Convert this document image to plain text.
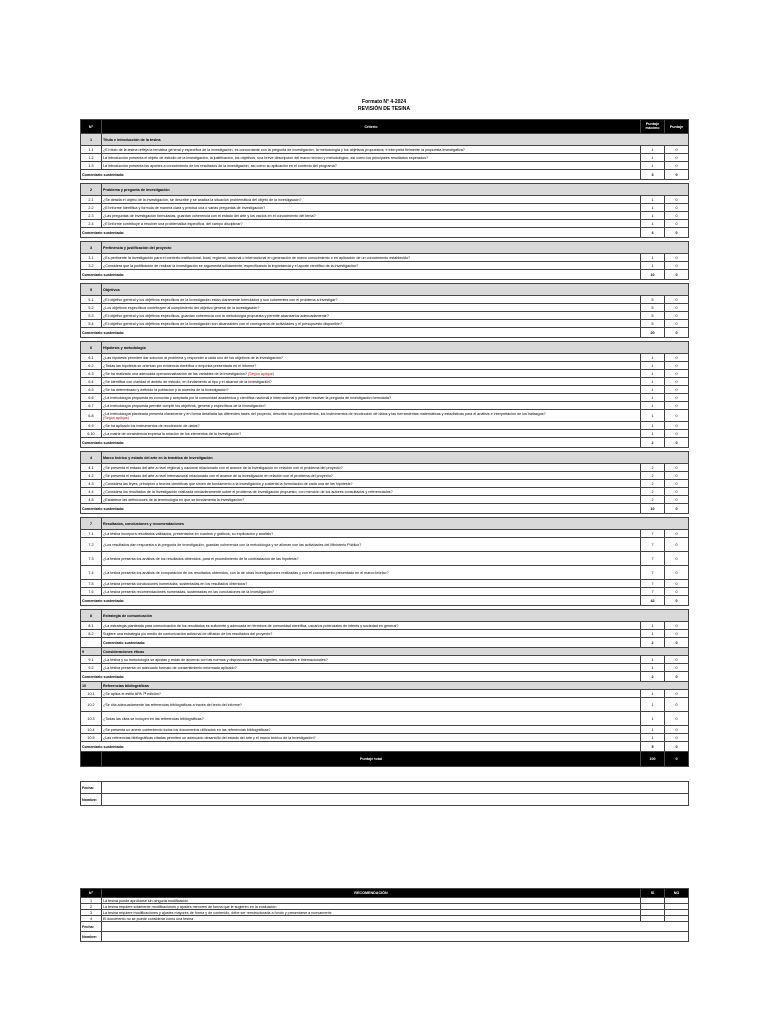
Formato N° 4-2024
REVISIÓN DE TESINA
N°	Criterio	Puntaje máximo	Puntaje
1	Título e introducción de la tesina		
1.1	¿El título de la tesina refleja la temática general y específica de la investigación, es concordante con la pregunta de investigación, la metodología y los objetivos propuestos; e interpreta fielmente la propuesta investigativa?	1	0
1.2	La introducción presenta el objeto de estudio de la investigación, la justificación, los objetivos, una breve descripción del marco teórico y metodológico, así como los principales resultados esperados?	1	0
1.3	La introducción presenta los aportes a conocimiento de los resultados de la investigación, así como su aplicación en el contexto del programa?	1	0
Comentario sustentado:		3	0

2	Problema y pregunta de investigación		
2.1	¿Se detalla el objeto de la investigación, se describe y se analiza la situación problemática del objeto de la investigación?	1	0
2.2	¿El informe identifica y formula de manera clara y precisa una o varias preguntas de investigación?	1	0
2.3	¿Las preguntas de investigación formuladas, guardan coherencia con el estado del arte y los vacíos en el conocimiento del tema?	1	0
2.4	¿El informe contribuye a resolver una problemática específica, del campo disciplinar?	1	0
Comentario sustentado:		4	0

3	Pertinencia y justificación del proyecto		
3.1	¿Es pertinente la investigación para el contexto institucional, local, regional, nacional o internacional en generación de nuevo conocimiento o en aplicación de un conocimiento establecido?	1	0
3.2	¿Considera que la justificación de realizar la investigación se argumenta sólidamente, especificando la importancia y el aporte científico de la investigación?	1	0
Comentario sustentado:		10	0

5	Objetivos		
5.1	¿El objetivo general y los objetivos específicos de la investigación están claramente formulados y son coherentes con el problema a investigar?	5	0
5.2	¿Los objetivos específicos contribuyen al cumplimiento del objetivo general de la investigación?	5	0
5.3	¿El objetivo general y los objetivos específicos, guardan coherencia con la metodología propuesta y permite alcanzarlos adecuadamente?	5	0
5.4	¿El objetivo general y los objetivos específicos de la investigación son alcanzables con el cronograma de actividades y el presupuesto disponible?	5	0
Comentario sustentado:		20	0

6	Hipótesis y metodología		
6.1	¿Las hipótesis permiten dar solución al problema y responder a cada uno de los objetivos de la investigación?	1	0
6.2	¿Todas las hipótesis se orientan por evidencia científica o empírica presentada en el informe?	1	0
6.3	¿Se ha realizado una adecuada operacionalización de las variables de la investigación? (Según aplique)	1	0
6.4	¿Se identifica con claridad el ámbito de estudio, en fundamento al tipo y el alcance de la investigación?	1	0
6.5	¿Se ha determinado y definido la población y la muestra de la investigación?	1	0
6.6	¿La metodología propuesta es conocida y aceptada por la comunidad académica y científica nacional e internacional y permite resolver la pregunta de investigación formulada?	1	0
6.7	¿La metodología propuesta permite cumplir los objetivos, general y específicos de la investigación?	1	0
6.8	¿La metodología planteada presenta claramente y en forma detallada las diferentes fases del proyecto, describe los procedimientos, los instrumentos de recolección de datos y las herramientas matemáticas y estadísticas para el análisis e interpretación de los hallazgos?
(Según aplique)	1	0
6.9	¿Se ha aplicado los instrumentos de recolección de datos?	1	0
6.10	¿La matriz de consistencia expresa la relación de los elementos de la investigación?	1	0
Comentario sustentado:		2	0

4	Marco teórico y estado del arte en la temática de investigación		
4.1	¿Se presenta el estado del arte a nivel regional y nacional relacionado con el avance de la investigación en relación con el problema del proyecto?	2	0
4.2	¿Se presenta el estado del arte a nivel internacional relacionado con el avance de la investigación en relación con el problema del proyecto?	2	0
4.3	¿Considera las leyes, principios o teorías científicas que sirven de fundamento a la investigación y sustenta la formulación de cada una de las hipótesis?	2	0
4.4	¿Considera los resultados de la investigación realizada verdaderamente sobre el problema de investigación propuesto, con mención de los autores consultados y referenciados?	2	0
4.5	¿Establece las definiciones de la terminología en que se fundamenta la investigación?	2	0
Comentario sustentado:		10	0

7	Resultados, conclusiones y recomendaciones		
7.1	¿La tesina incorpora resultados validados, presentados en cuadros y gráficos, su explicación y análisis?	7	0
7.2	¿Los resultados dan respuesta a la pregunta de investigación, guardan coherencia con la metodología y se alinean con las actividades del Ministerio Público?	7	0
7.3	¿La tesina presenta los análisis de los resultados obtenidos, para el procedimiento de la contrastación de las hipótesis?	7	0
7.4	¿La tesina presenta los análisis de comparación de los resultados obtenidos, con la de otras investigaciones realizadas y con el conocimiento presentado en el marco teórico?	7	0
7.5	¿La tesina presenta conclusiones numeradas, sustentadas en los resultados obtenidos?	7	0
7.6	¿La tesina presenta recomendaciones numeradas, sustentadas en las conclusiones de la investigación?	7	0
Comentario sustentado:		42	0

8	Estrategia de comunicación		
8.1	¿La estrategia planteada para comunicación de los resultados es suficiente y adecuada en términos de comunidad científica, usuarios potenciales de interés y sociedad en general?	1	0
8.2	Sugiere una estrategia y/o medio de comunicación adicional de difusión de los resultados del proyecto?	1	0
	Comentario sustentado:	2	0
9	Consideraciones éticas		
9.1	¿La tesina y su metodología se ajustan y están de acuerdo con las normas y disposiciones éticas vigentes, nacionales e internacionales?	1	0
9.2	¿La tesina presenta un adecuado formato de consentimiento informado aplicado?	1	0
Comentario sustentado:		2	0
10	Referencias bibliográficas		
10.1	¿Se aplica el estilo APA 7ª edición?	1	0
10.2	¿Se cita adecuadamente las referencias bibliográficas a través del texto del informe?	1	0
10.3	¿Todas las citas se incluyen en las referencias bibliográficas?	1	0
10.4	¿Se presenta un anexo conteniendo todos los documentos utilizados en las referencias bibliográficas?	1	0
10.5	¿Las referencias bibliográficas citadas permiten un adecuado desarrollo del estado del arte y el marco teórico de la investigación?	1	0
Comentario sustentado:		5	0
	Puntaje total	100	0

Fecha:			
Nombre:			
N°	RECOMENDACIÓN	SÍ	NO
1	La tesina puede aprobarse sin ninguna modificación		
2	La tesina requiere solamente modificaciones y ajustes menores de forma que le sugieren en la evaluación		
3	La tesina requiere modificaciones y ajustes mayores de forma y de contenido, debe ser reestructurada a fondo y presentarse a nuevamente		
4	El documento no se puede considerar como una tesina		
Fecha:			
Nombre:			
